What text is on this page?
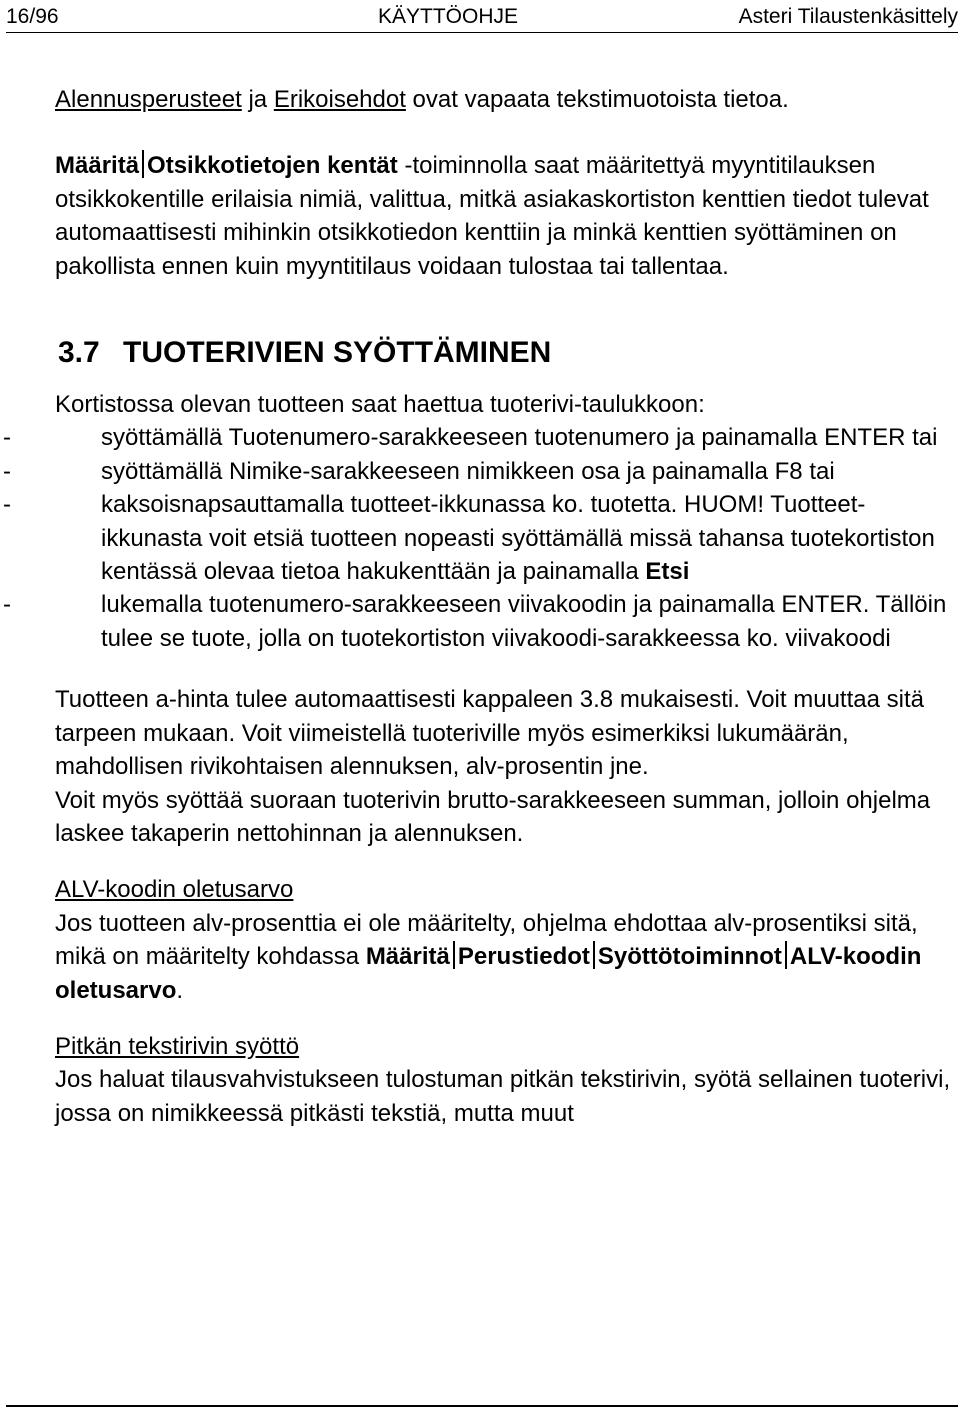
16/96	KÄYTTÖOHJE	Asteri Tilaustenkäsittely

Alennusperusteet ja Erikoisehdot ovat vapaata tekstimuotoista tietoa.

Määritä Otsikkotietojen kentät -toiminnolla saat määritettyä myyntitilauksen otsikkokentille erilaisia nimiä, valittua, mitkä asiakaskortiston kenttien tiedot tulevat automaattisesti mihinkin otsikkotiedon kenttiin ja minkä kenttien syöttäminen on pakollista ennen kuin myyntitilaus voidaan tulostaa tai tallentaa.

3.7 TUOTERIVIEN SYÖTTÄMINEN

Kortistossa olevan tuotteen saat haettua tuoterivi-taulukkoon:

-	syöttämällä Tuotenumero-sarakkeeseen tuotenumero ja painamalla ENTER tai
-	syöttämällä Nimike-sarakkeeseen nimikkeen osa ja painamalla F8 tai
-	kaksoisnapsauttamalla tuotteet-ikkunassa ko. tuotetta. HUOM! Tuotteet-ikkunasta voit etsiä tuotteen nopeasti syöttämällä missä tahansa tuotekortiston kentässä olevaa tietoa hakukenttään ja painamalla Etsi
-	lukemalla tuotenumero-sarakkeeseen viivakoodin ja painamalla ENTER. Tällöin tulee se tuote, jolla on tuotekortiston viivakoodi-sarakkeessa ko. viivakoodi

Tuotteen a-hinta tulee automaattisesti kappaleen 3.8 mukaisesti. Voit muuttaa sitä tarpeen mukaan. Voit viimeistellä tuoteriville myös esimerkiksi lukumäärän, mahdollisen rivikohtaisen alennuksen, alv-prosentin jne.

Voit myös syöttää suoraan tuoterivin brutto-sarakkeeseen summan, jolloin ohjelma laskee takaperin nettohinnan ja alennuksen.

ALV-koodin oletusarvo

Jos tuotteen alv-prosenttia ei ole määritelty, ohjelma ehdottaa alv-prosentiksi sitä, mikä on määritelty kohdassa Määritä Perustiedot Syöttötoiminnot ALV-koodin oletusarvo.

Pitkän tekstirivin syöttö

Jos haluat tilausvahvistukseen tulostuman pitkän tekstirivin, syötä sellainen tuoterivi, jossa on nimikkeessä pitkästi tekstiä, mutta muut
